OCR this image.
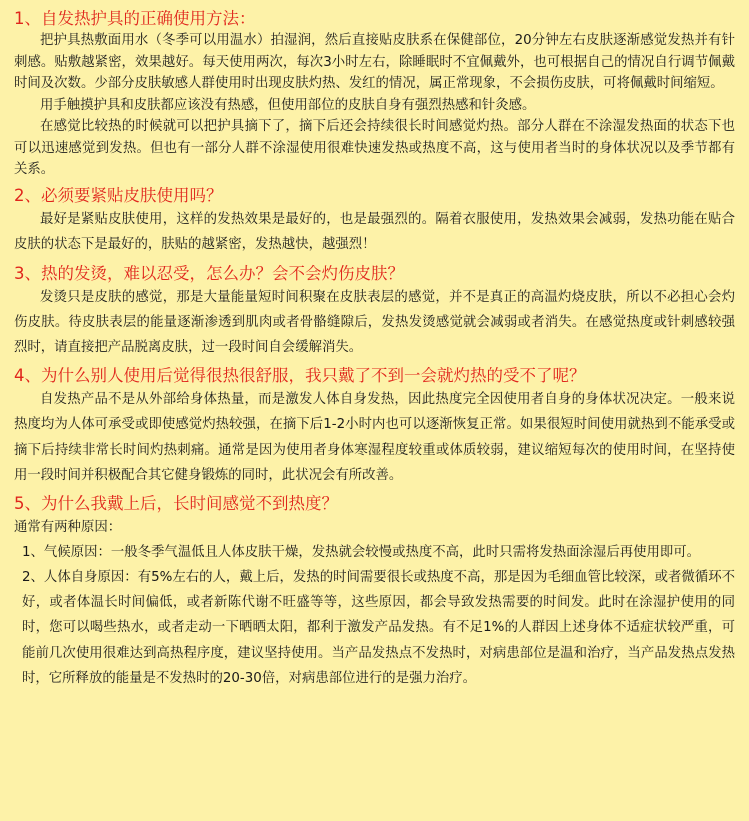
1、自发热护具的正确使用方法：

把护具热敷面用水（冬季可以用温水）拍湿润，然后直接贴皮肤系在保健部位，20分钟左右皮肤逐渐感觉发热并有针刺感。贴敷越紧密，效果越好。每天使用两次，每次3小时左右，除睡眠时不宜佩戴外，也可根据自己的情况自行调节佩戴时间及次数。少部分皮肤敏感人群使用时出现皮肤灼热、发红的情况，属正常现象，不会损伤皮肤，可将佩戴时间缩短。

用手触摸护具和皮肤都应该没有热感，但使用部位的皮肤自身有强烈热感和针灸感。

在感觉比较热的时候就可以把护具摘下了，摘下后还会持续很长时间感觉灼热。部分人群在不涂湿发热面的状态下也可以迅速感觉到发热。但也有一部分人群不涂湿使用很难快速发热或热度不高，这与使用者当时的身体状况以及季节都有关系。

2、必须要紧贴皮肤使用吗？

最好是紧贴皮肤使用，这样的发热效果是最好的，也是最强烈的。隔着衣服使用，发热效果会减弱，发热功能在贴合皮肤的状态下是最好的，肤贴的越紧密，发热越快，越强烈！

3、热的发烫，难以忍受，怎么办？会不会灼伤皮肤？

发烫只是皮肤的感觉，那是大量能量短时间积聚在皮肤表层的感觉，并不是真正的高温灼烧皮肤，所以不必担心会灼伤皮肤。待皮肤表层的能量逐渐渗透到肌肉或者骨骼缝隙后，发热发烫感觉就会减弱或者消失。在感觉热度或针刺感较强烈时，请直接把产品脱离皮肤，过一段时间自会缓解消失。

4、为什么别人使用后觉得很热很舒服，我只戴了不到一会就灼热的受不了呢？

自发热产品不是从外部给身体热量，而是激发人体自身发热，因此热度完全因使用者自身的身体状况决定。一般来说热度均为人体可承受或即使感觉灼热较强，在摘下后1-2小时内也可以逐渐恢复正常。如果很短时间使用就热到不能承受或摘下后持续非常长时间灼热刺痛。通常是因为使用者身体寒湿程度较重或体质较弱，建议缩短每次的使用时间，在坚持使用一段时间并积极配合其它健身锻炼的同时，此状况会有所改善。

5、为什么我戴上后，长时间感觉不到热度？

通常有两种原因：

1、气候原因：一般冬季气温低且人体皮肤干燥，发热就会较慢或热度不高，此时只需将发热面涂湿后再使用即可。

2、人体自身原因：有5%左右的人，戴上后，发热的时间需要很长或热度不高，那是因为毛细血管比较深，或者微循环不好，或者体温长时间偏低，或者新陈代谢不旺盛等等，这些原因，都会导致发热需要的时间发。此时在涂湿护使用的同时，您可以喝些热水，或者走动一下晒晒太阳，都利于激发产品发热。有不足1%的人群因上述身体不适症状较严重，可能前几次使用很难达到高热程序度，建议坚持使用。当产品发热点不发热时，对病患部位是温和治疗，当产品发热点发热时，它所释放的能量是不发热时的20-30倍，对病患部位进行的是强力治疗。
